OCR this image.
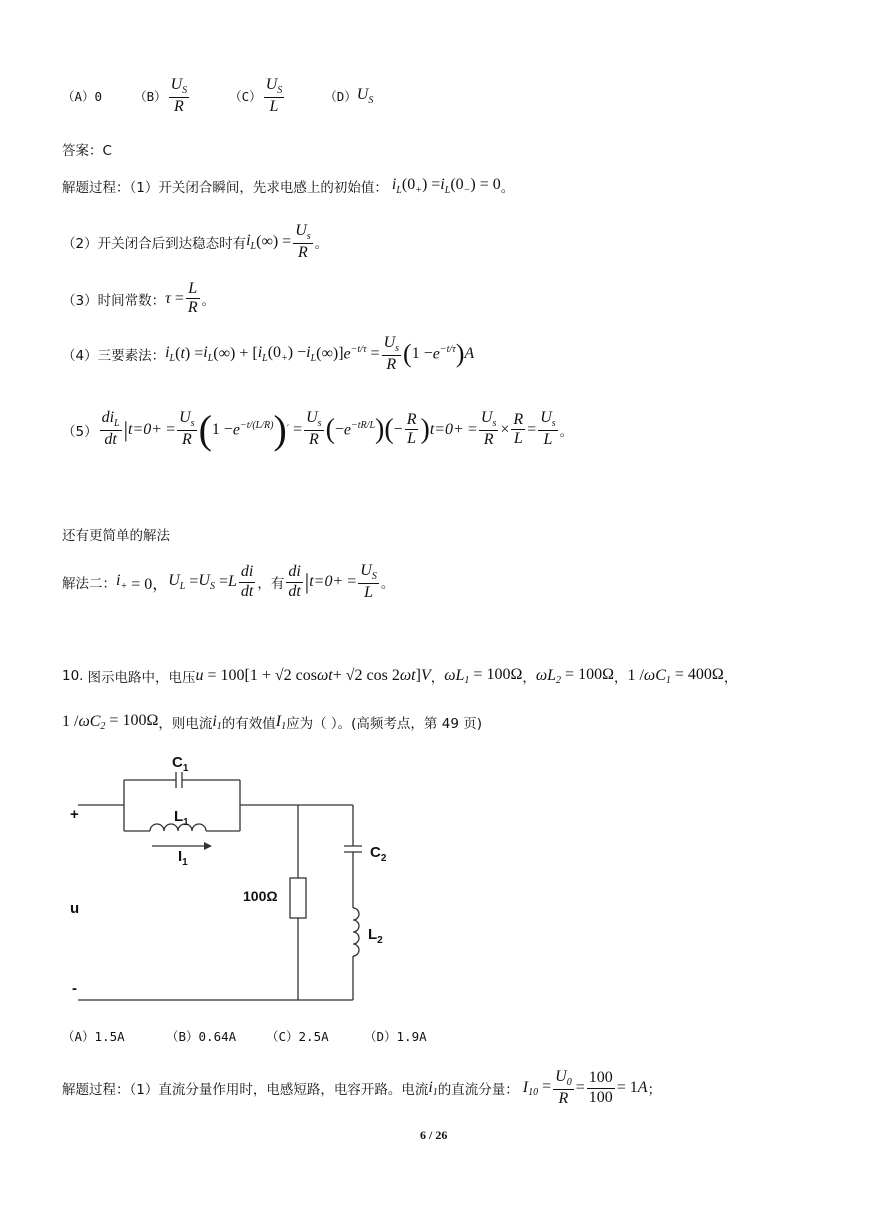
（A）0	$(B) \frac{U_S}{R}$	$(C) \frac{U_S}{L}$	（D） $U_S$
答案：C
解题过程：（1）开关闭合瞬间，先求电感上的初始值： $i_L$ $(0_+) = i_L$ $(0_-) = 0$ 。
（2）开关闭合后到达稳态时有 $i_L$ (∞) = $\frac{U_s}{R}$ 。
（3）时间常数： $\tau = \frac{L}{R}$ 。
（4）三要素法： $i_L$ ( t ) = $i_L$ (∞) + [ $i_L$ $(0_+) - i_L$ (∞)] $e^{-t/\tau} = \frac{U_s}{R}$ ( $1 - e^{-t/\tau}$ ) A
$(5) \frac{di_L}{dt}$ | $t=0+ = \frac{U_s}{R}$ ( $1 - e^{-t/(L/R)}$ ) ′ = $\frac{U_s}{R}$ ( − $e^{-tR/L}$ )( − $\frac{R}{L}$ ) $t=0+ = \frac{U_s}{R} \times \frac{R}{L} = \frac{U_s}{L}$ 。
还有更简单的解法
解法二： $i_+ = 0$， $U_L = U_S = L \frac{di}{dt}$ ，有 $\frac{di}{dt}$ | $t=0+ = \frac{U_S}{L}$ 。
10. 图示电路中，电压 u = 100[1 + √2 cos ωt + √2 cos 2 ωt ] V ， ωL $_1$ = 100Ω ， ωL $_2$ = 100Ω ， 1 / ωC $_1$ = 400Ω ，
1 / ωC $_2$ = 100Ω ， 则电流 i $_1$ 的有效值 I $_1$ 应为（ ）。(高频考点，第 49 页)
$C_1$
$L_1$
$I_1$
$C_2$
$L_2$
100Ω
u
+
-
（A）1.5A	（B）0.64A （C）2.5A	（D）1.9A
解题过程：（1）直流分量作用时，电感短路，电容开路。电流 i $_1$ 的直流分量： I $_{10} = \frac{U_0}{R} = \frac{100}{100} = 1$ A ；
6 / 26
